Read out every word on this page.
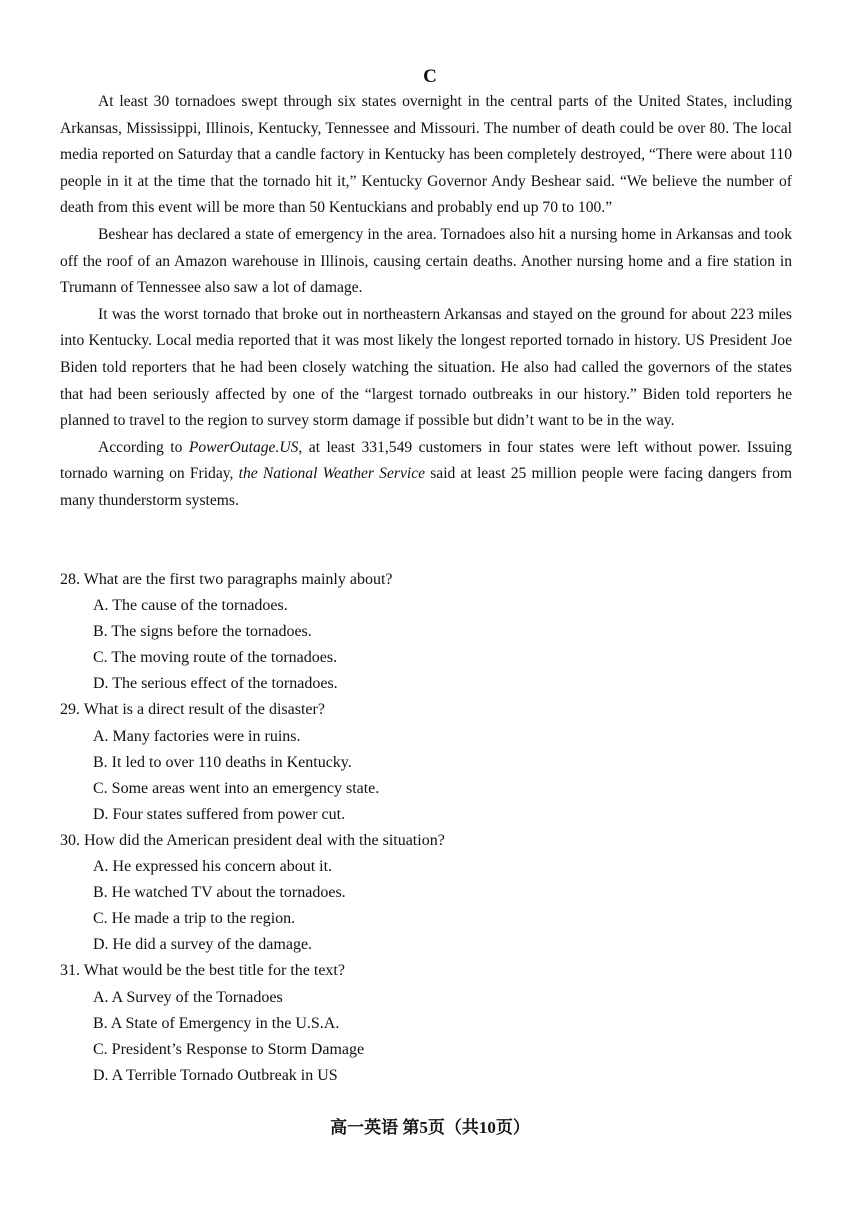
C

At least 30 tornadoes swept through six states overnight in the central parts of the United States, including Arkansas, Mississippi, Illinois, Kentucky, Tennessee and Missouri. The number of death could be over 80. The local media reported on Saturday that a candle factory in Kentucky has been completely destroyed, “There were about 110 people in it at the time that the tornado hit it,” Kentucky Governor Andy Beshear said. “We believe the number of death from this event will be more than 50 Kentuckians and probably end up 70 to 100.”

Beshear has declared a state of emergency in the area. Tornadoes also hit a nursing home in Arkansas and took off the roof of an Amazon warehouse in Illinois, causing certain deaths. Another nursing home and a fire station in Trumann of Tennessee also saw a lot of damage.

It was the worst tornado that broke out in northeastern Arkansas and stayed on the ground for about 223 miles into Kentucky. Local media reported that it was most likely the longest reported tornado in history. US President Joe Biden told reporters that he had been closely watching the situation. He also had called the governors of the states that had been seriously affected by one of the “largest tornado outbreaks in our history.” Biden told reporters he planned to travel to the region to survey storm damage if possible but didn’t want to be in the way.

According to PowerOutage.US, at least 331,549 customers in four states were left without power. Issuing tornado warning on Friday, the National Weather Service said at least 25 million people were facing dangers from many thunderstorm systems.

28. What are the first two paragraphs mainly about?

A. The cause of the tornadoes.

B. The signs before the tornadoes.

C. The moving route of the tornadoes.

D. The serious effect of the tornadoes.

29. What is a direct result of the disaster?

A. Many factories were in ruins.

B. It led to over 110 deaths in Kentucky.

C. Some areas went into an emergency state.

D. Four states suffered from power cut.

30. How did the American president deal with the situation?

A. He expressed his concern about it.

B. He watched TV about the tornadoes.

C. He made a trip to the region.

D. He did a survey of the damage.

31. What would be the best title for the text?

A. A Survey of the Tornadoes

B. A State of Emergency in the U.S.A.

C. President’s Response to Storm Damage

D. A Terrible Tornado Outbreak in US

高一英语 第5页（共10页）
